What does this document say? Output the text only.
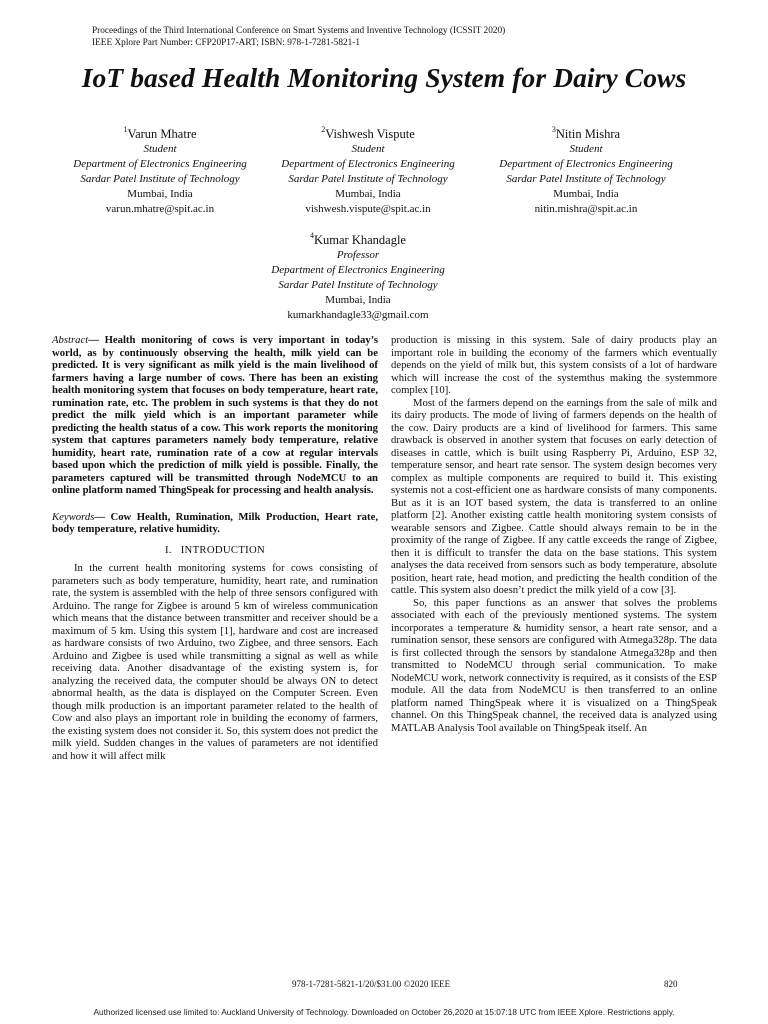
Proceedings of the Third International Conference on Smart Systems and Inventive Technology (ICSSIT 2020)
IEEE Xplore Part Number: CFP20P17-ART; ISBN: 978-1-7281-5821-1
IoT based Health Monitoring System for Dairy Cows
$^1$Varun Mhatre
Student
Department of Electronics Engineering
Sardar Patel Institute of Technology
Mumbai, India
varun.mhatre@spit.ac.in
$^2$Vishwesh Vispute
Student
Department of Electronics Engineering
Sardar Patel Institute of Technology
Mumbai, India
vishwesh.vispute@spit.ac.in
$^3$Nitin Mishra
Student
Department of Electronics Engineering
Sardar Patel Institute of Technology
Mumbai, India
nitin.mishra@spit.ac.in
$^4$Kumar Khandagle
Professor
Department of Electronics Engineering
Sardar Patel Institute of Technology
Mumbai, India
kumarkhandagle33@gmail.com

Abstract— Health monitoring of cows is very important in today’s world, as by continuously observing the health, milk yield can be predicted. It is very significant as milk yield is the main livelihood of farmers having a large number of cows. There has been an existing health monitoring system that focuses on body temperature, heart rate, rumination rate, etc. The problem in such systems is that they do not predict the milk yield which is an important parameter while predicting the health status of a cow. This work reports the monitoring system that captures parameters namely body temperature, relative humidity, heart rate, rumination rate of a cow at regular intervals based upon which the prediction of milk yield is possible. Finally, the parameters captured will be transmitted through NodeMCU to an online platform named ThingSpeak for processing and health analysis.

Keywords— Cow Health, Rumination, Milk Production, Heart rate, body temperature, relative humidity.

I. INTRODUCTION

In the current health monitoring systems for cows consisting of parameters such as body temperature, humidity, heart rate, and rumination rate, the system is assembled with the help of three sensors configured with Arduino. The range for Zigbee is around 5 km of wireless communication which means that the distance between transmitter and receiver should be a maximum of 5 km. Using this system [1], hardware and cost are increased as hardware consists of two Arduino, two Zigbee, and three sensors. Each Arduino and Zigbee is used while transmitting a signal as well as while receiving data. Another disadvantage of the existing system is, for analyzing the received data, the computer should be always ON to detect abnormal health, as the data is displayed on the Computer Screen. Even though milk production is an important parameter related to the health of Cow and also plays an important role in building the economy of farmers, the existing system does not consider it. So, this system does not predict the milk yield. Sudden changes in the values of parameters are not identified and how it will affect milk

production is missing in this system. Sale of dairy products play an important role in building the economy of the farmers which eventually depends on the yield of milk but, this system consists of a lot of hardware which will increase the cost of the systemthus making the systemmore complex [10].

Most of the farmers depend on the earnings from the sale of milk and its dairy products. The mode of living of farmers depends on the health of the cow. Dairy products are a kind of livelihood for farmers. This same drawback is observed in another system that focuses on early detection of diseases in cattle, which is built using Raspberry Pi, Arduino, ESP 32, temperature sensor, and heart rate sensor. The system design becomes very complex as multiple components are required to build it. This existing systemis not a cost-efficient one as hardware consists of many components. But as it is an IOT based system, the data is transferred to an online platform [2]. Another existing cattle health monitoring system consists of wearable sensors and Zigbee. Cattle should always remain to be in the proximity of the range of Zigbee. If any cattle exceeds the range of Zigbee, then it is difficult to transfer the data on the base stations. This system analyses the data received from sensors such as body temperature, absolute position, heart rate, head motion, and predicting the health condition of the cattle. This system also doesn’t predict the milk yield of a cow [3].

So, this paper functions as an answer that solves the problems associated with each of the previously mentioned systems. The system incorporates a temperature & humidity sensor, a heart rate sensor, and a rumination sensor, these sensors are configured with Atmega328p. The data is first collected through the sensors by standalone Atmega328p and then transmitted to NodeMCU through serial communication. To make NodeMCU work, network connectivity is required, as it consists of the ESP module. All the data from NodeMCU is then transferred to an online platform named ThingSpeak where it is visualized on a ThingSpeak channel. On this ThingSpeak channel, the received data is analyzed using MATLAB Analysis Tool available on ThingSpeak itself. An

978-1-7281-5821-1/20/$31.00 ©2020 IEEE	820
Authorized licensed use limited to: Auckland University of Technology. Downloaded on October 26,2020 at 15:07:18 UTC from IEEE Xplore. Restrictions apply.
